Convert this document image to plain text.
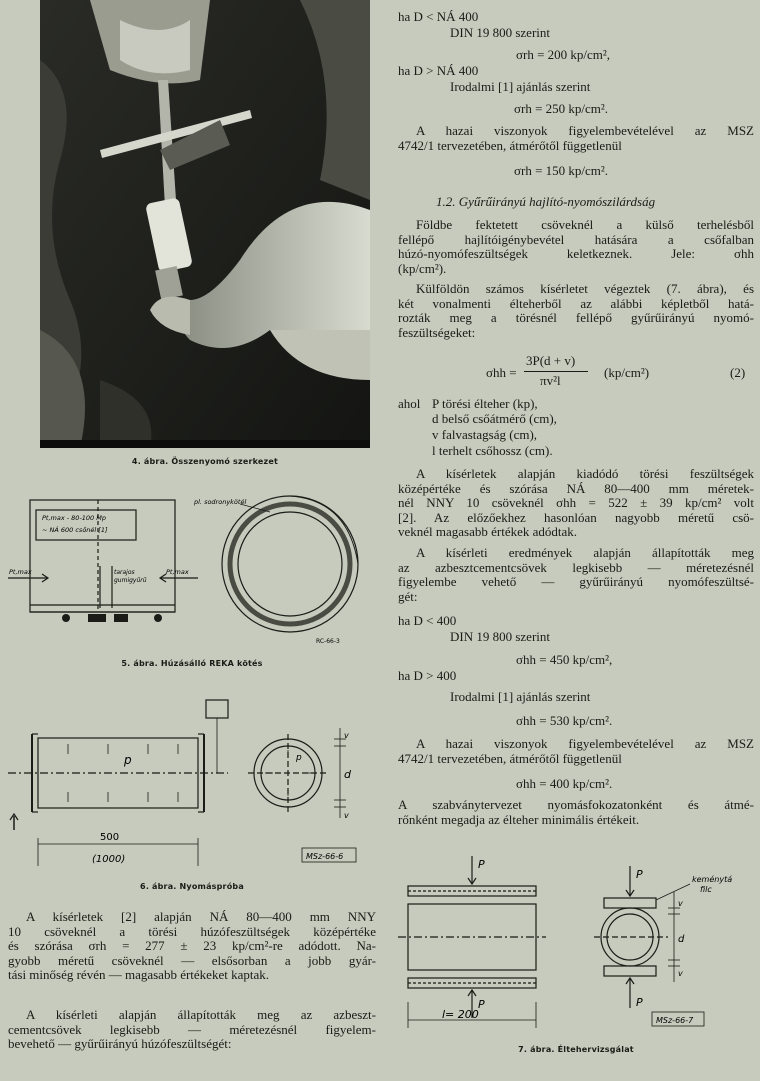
4. ábra. Összenyomó szerkezet
Pt,max - 80-100 Mp
~ NÁ 600 csőnél [1]
Pt,max	Pt,max
tarajos
gumigyűrű
pl. sodronykötél
RC-66-3
5. ábra. Húzásálló REKA kötés
p	p
500
(1000)
d
v
v
MSz-66-6
6. ábra. Nyomáspróba
A kísérletek [2] alapján NÁ 80—400 mm NNY
10 csöveknél a törési húzófeszültségek középértéke
és szórása σrh = 277 ± 23 kp/cm²-re adódott. Na-
gyobb méretű csöveknél — elsősorban a jobb gyár-
tási minőség révén — magasabb értékeket kaptak.
A kísérleti alapján állapították meg az azbeszt-
cementcsövek legkisebb — méretezésnél figyelem-
bevehető — gyűrűirányú húzófeszültségét:
ha D < NÁ 400
DIN 19 800 szerint
σrh = 200 kp/cm²,
ha D > NÁ 400
Irodalmi [1] ajánlás szerint
σrh = 250 kp/cm².
A hazai viszonyok figyelembevételével az MSZ
4742/1 tervezetében, átmérőtől függetlenül
σrh = 150 kp/cm².
1.2. Gyűrűirányú hajlító-nyomószilárdság
Földbe fektetett csöveknél a külső terhelésből
fellépő hajlítóigénybevétel hatására a csőfalban
húzó-nyomófeszültségek keletkeznek. Jele: σhh
(kp/cm²).
Külföldön számos kísérletet végeztek (7. ábra), és
két vonalmenti élteherből az alábbi képletből hatá-
rozták meg a törésnél fellépő gyűrűirányú nyomó-
feszültségeket:
σhh =
3P(d + v)
πv²l
(kp/cm²)	(2)
ahol P törési élteher (kp),
d belső csőátmérő (cm),
v falvastagság (cm),
l terhelt csőhossz (cm).
A kísérletek alapján kiadódó törési feszültségek
középértéke és szórása NÁ 80—400 mm méretek-
nél NNY 10 csöveknél σhh = 522 ± 39 kp/cm² volt
[2]. Az előzőekhez hasonlóan nagyobb méretű csö-
veknél magasabb értékek adódtak.
A kísérleti eredmények alapján állapították meg
az azbesztcementcsövek legkisebb — méretezésnél
figyelembe vehető — gyűrűirányú nyomófeszültsé-
gét:
ha D < 400
DIN 19 800 szerint
σhh = 450 kp/cm²,
ha D > 400
Irodalmi [1] ajánlás szerint
σhh = 530 kp/cm².
A hazai viszonyok figyelembevételével az MSZ
4742/1 tervezetében, átmérőtől függetlenül
σhh = 400 kp/cm².
A szabványtervezet nyomásfokozatonként és átmé-
rőnként megadja az élteher minimális értékeit.
P
P
l= 200
P
P
keménytá
filc
d
v
v
MSz-66-7
7. ábra. Éltehervizsgálat
